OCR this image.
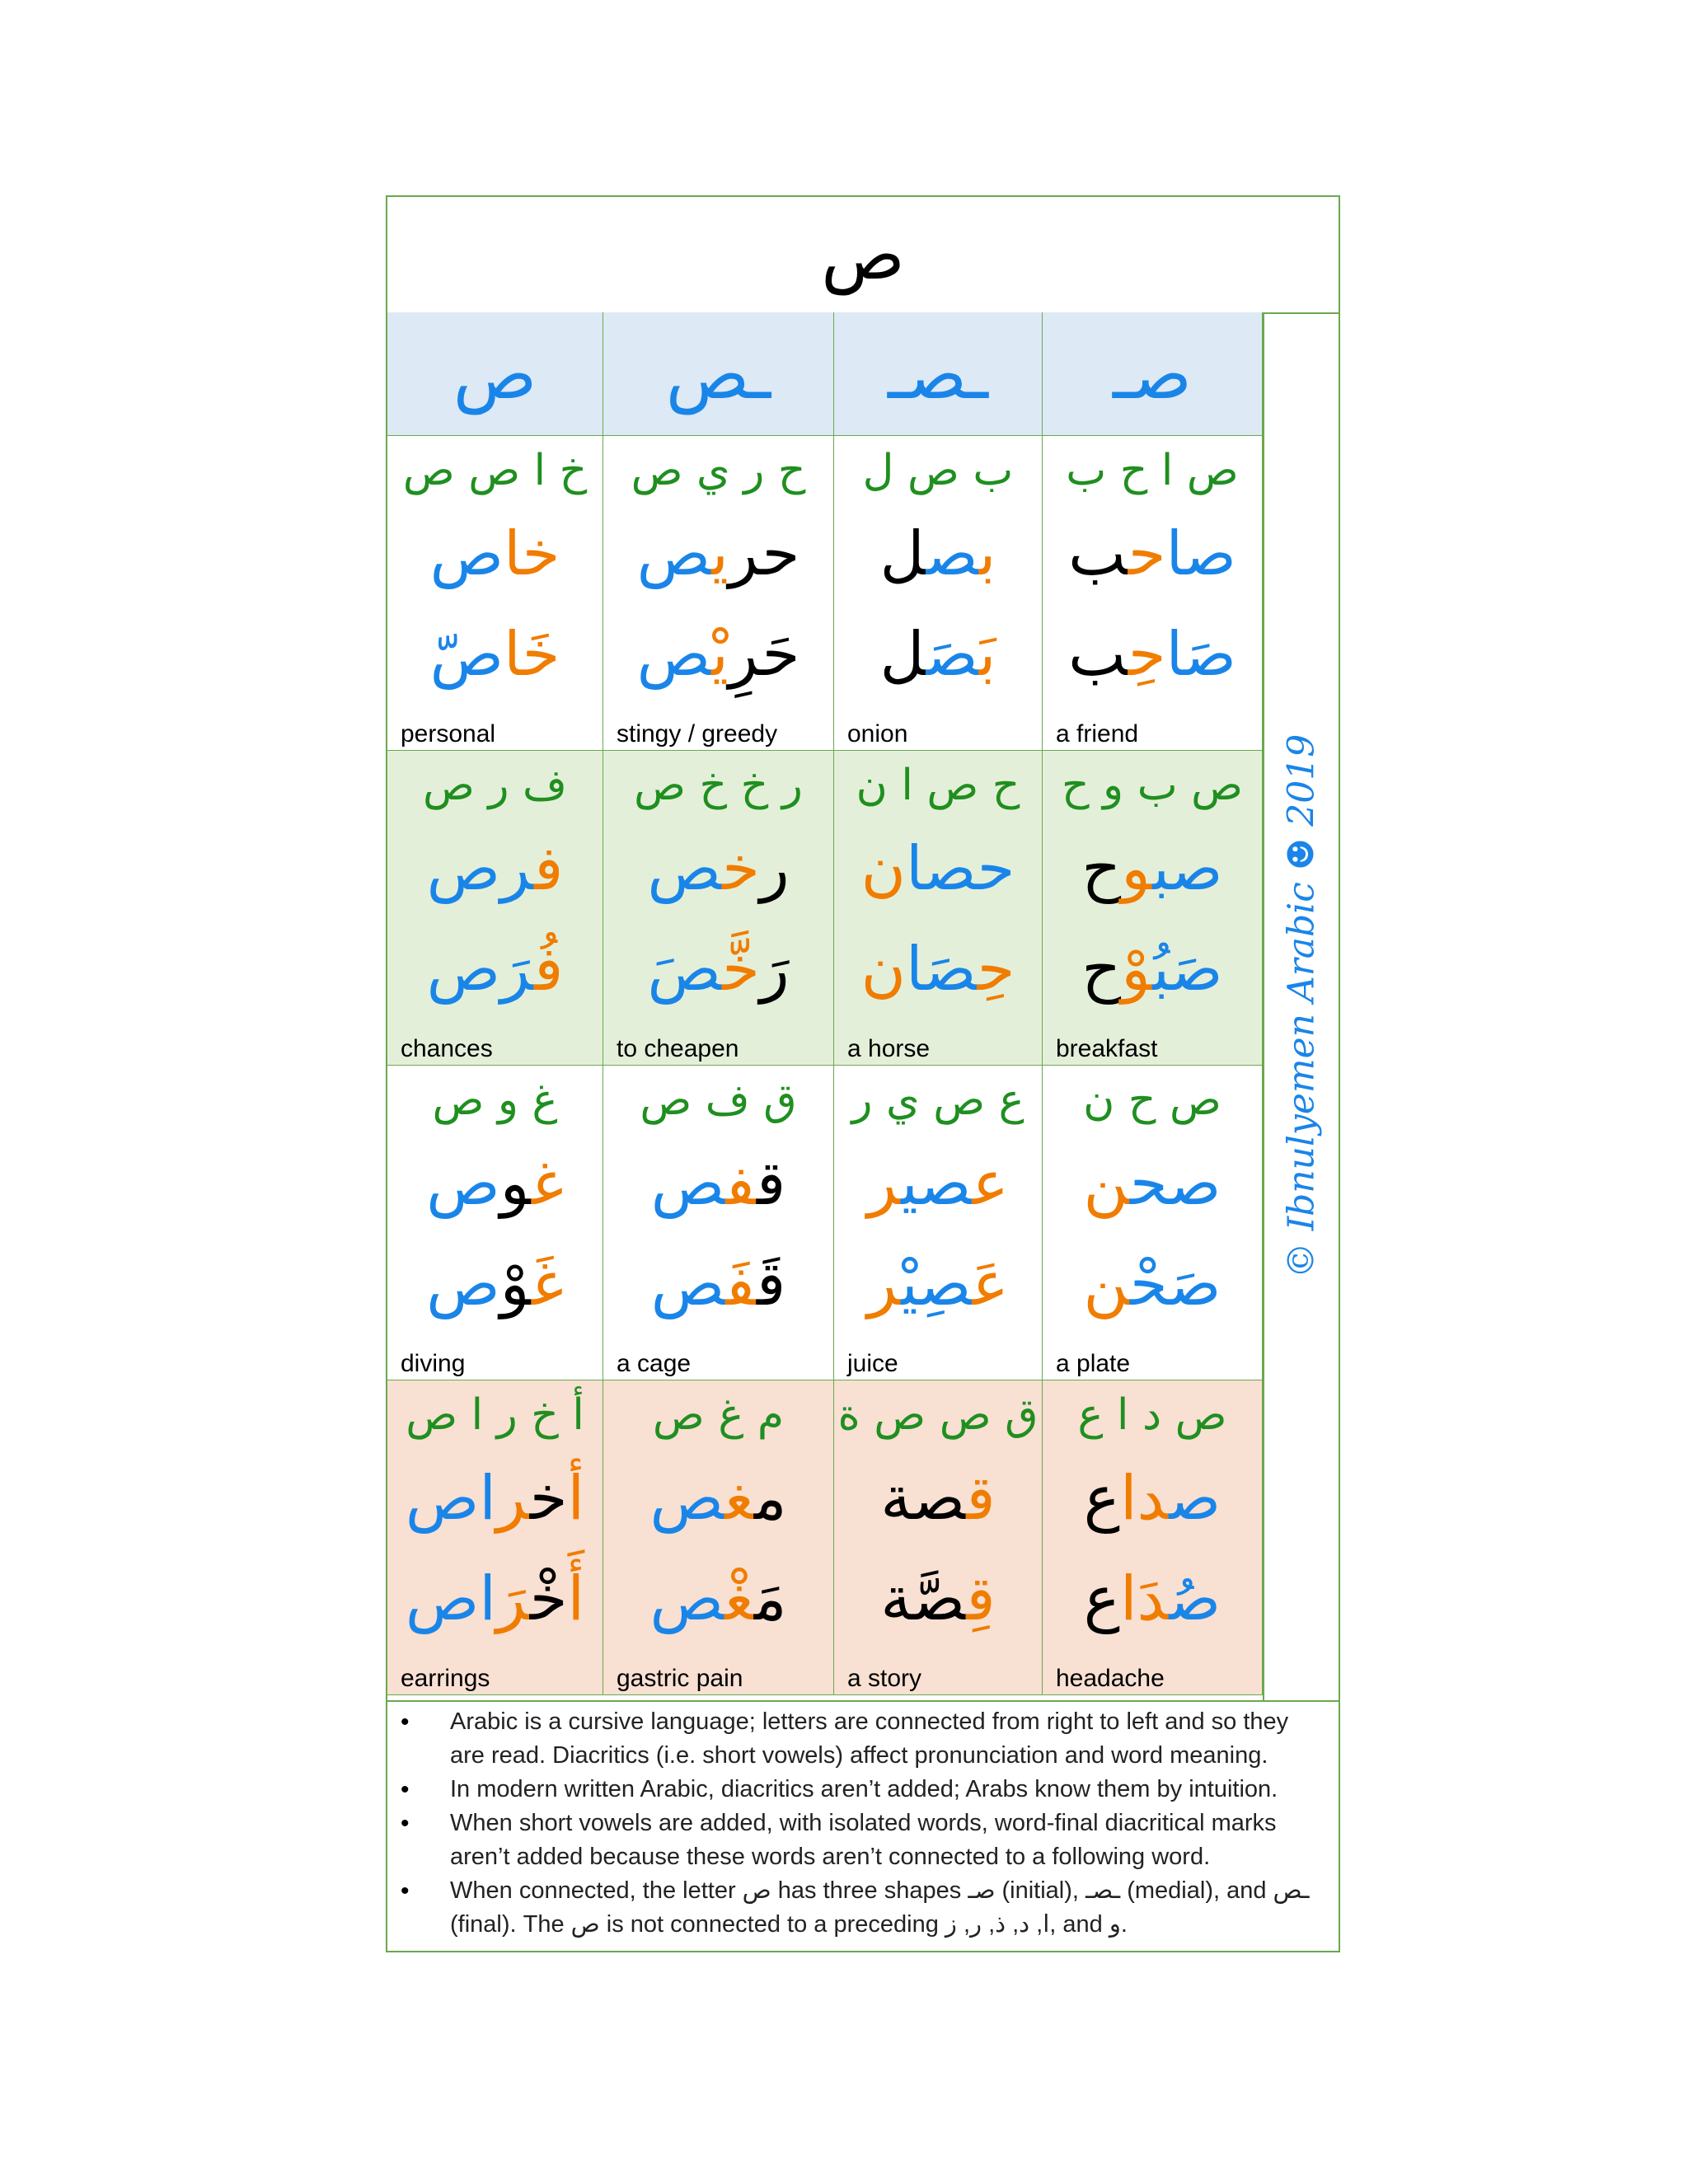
ص
ص ـص ـصـ صـ
خ ا ص ص
خاص
خَاصّ
personal
ح ر ي ص
حريص
حَرِيْص
stingy / greedy
ب ص ل
بصل
بَصَل
onion
ص ا ح ب
صاحب
صَاحِب
a friend
ف ر ص
فرص
فُرَص
chances
ر خ خ ص
رخص
رَخَّصَ
to cheapen
ح ص ا ن
حصان
حِصَان
a horse
ص ب و ح
صبوح
صَبُوْح
breakfast
غ و ص
غوص
غَوْص
diving
ق ف ص
قفص
قَفَص
a cage
ع ص ي ر
عصير
عَصِيْر
juice
ص ح ن
صحن
صَحْن
a plate
أ خ ر ا ص
أخراص
أَخْرَاص
earrings
م غ ص
مغص
مَغْص
gastric pain
ق ص ص ة
قصة
قِصَّة
a story
ص د ا ع
صداع
صُدَاع
headache
© Ibnulyemen Arabic ☻ 2019
• Arabic is a cursive language; letters are connected from right to left and so they are read. Diacritics (i.e. short vowels) affect pronunciation and word meaning.
• In modern written Arabic, diacritics aren’t added; Arabs know them by intuition.
• When short vowels are added, with isolated words, word-final diacritical marks aren’t added because these words aren’t connected to a following word.
• When connected, the letter ص has three shapes صـ (initial), ـصـ (medial), and ـص (final). The ص is not connected to a preceding ا, د, ذ, ر, ز, and و.
